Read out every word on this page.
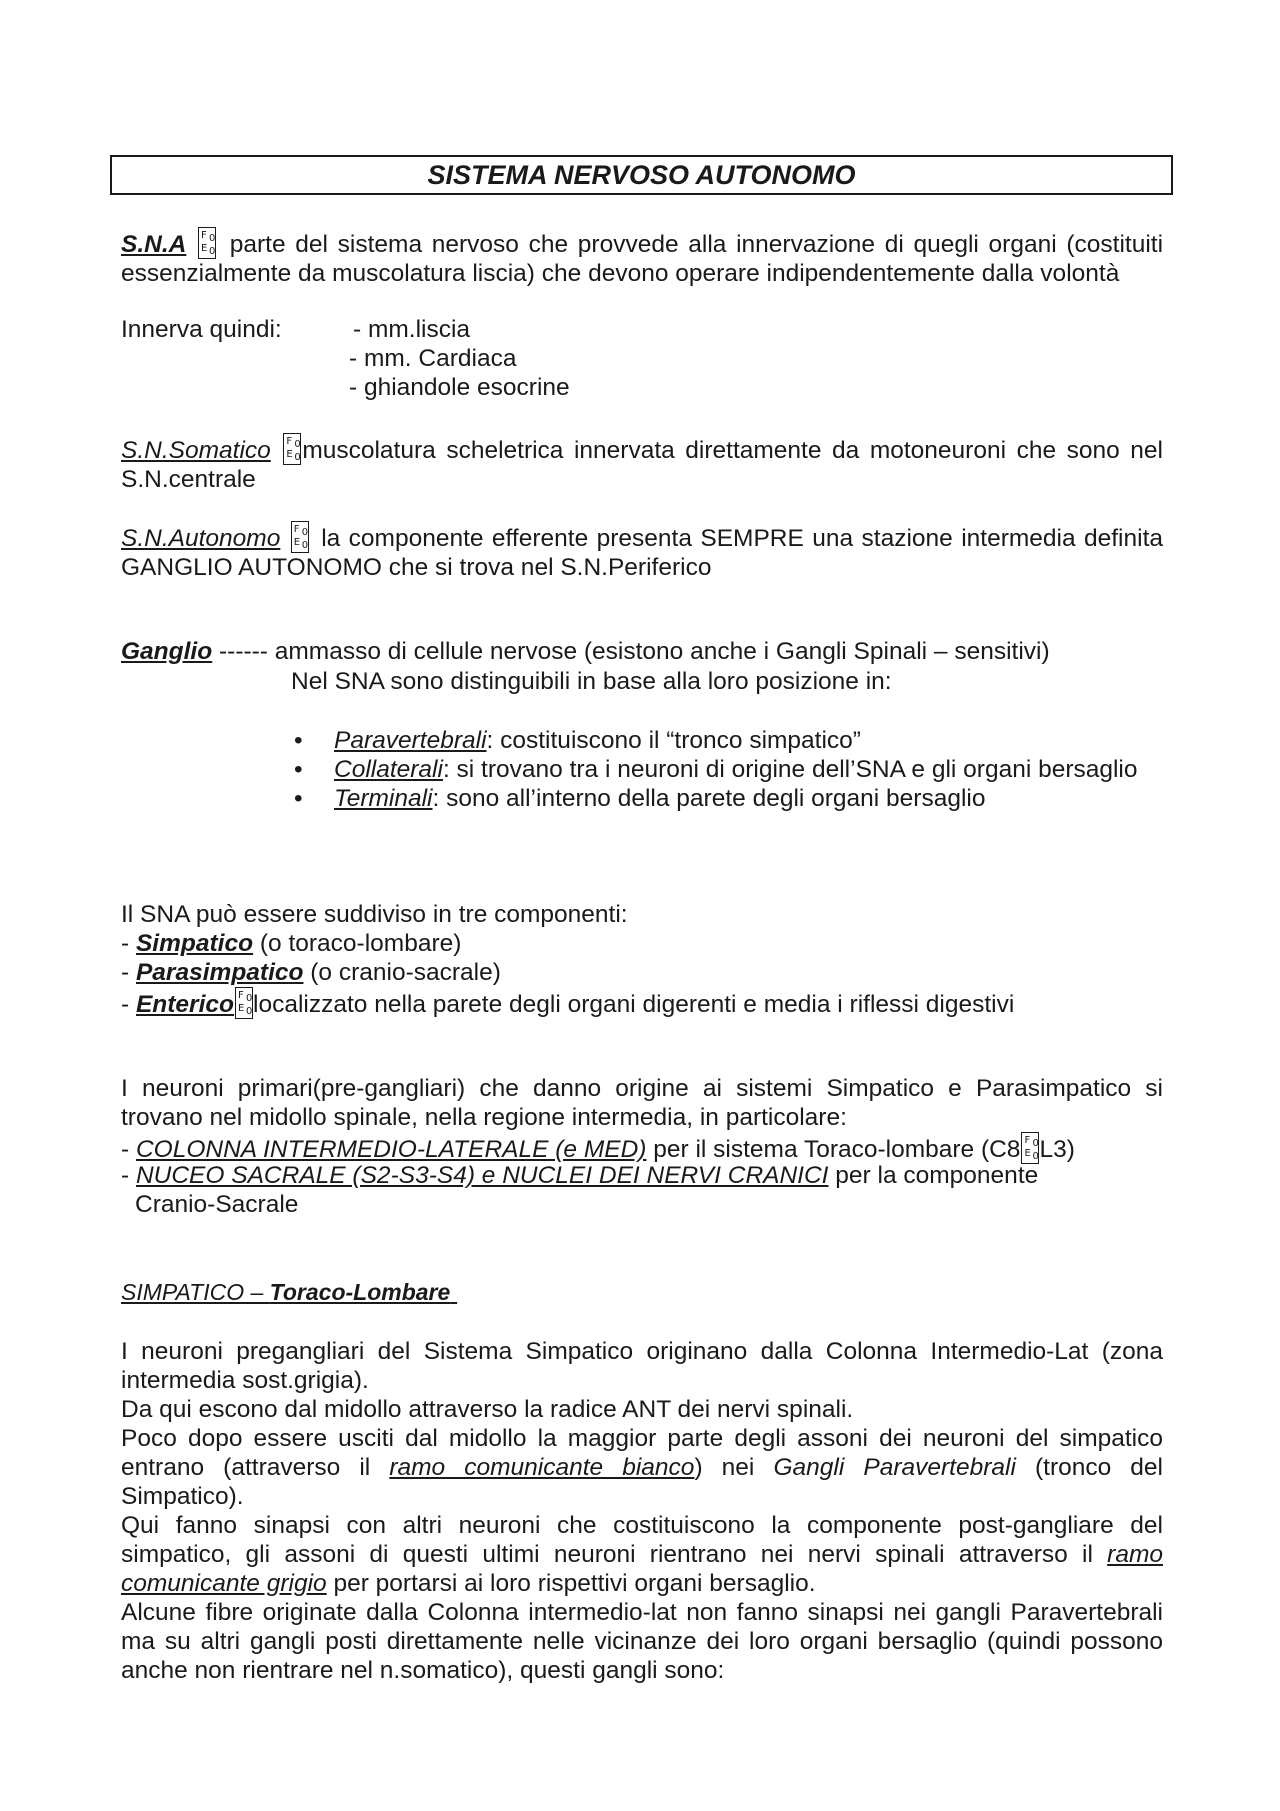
SISTEMA NERVOSO AUTONOMO
S.N.A F 0
E 0 parte del sistema nervoso che provvede alla innervazione di quegli organi (costituiti essenzialmente da muscolatura liscia) che devono operare indipendentemente dalla volontà
Innerva quindi:	- mm.liscia
- mm. Cardiaca
- ghiandole esocrine
S.N.Somatico F 0
E 0 muscolatura scheletrica innervata direttamente da motoneuroni che sono nel S.N.centrale
S.N.Autonomo F 0
E 0 la componente efferente presenta SEMPRE una stazione intermedia definita GANGLIO AUTONOMO che si trova nel S.N.Periferico
Ganglio ------ ammasso di cellule nervose (esistono anche i Gangli Spinali – sensitivi)
Nel SNA sono distinguibili in base alla loro posizione in:
• Paravertebrali: costituiscono il “tronco simpatico”
• Collaterali: si trovano tra i neuroni di origine dell’SNA e gli organi bersaglio
• Terminali: sono all’interno della parete degli organi bersaglio
Il SNA può essere suddiviso in tre componenti:
- Simpatico (o toraco-lombare)
- Parasimpatico (o cranio-sacrale)
- Enterico F 0
E 0 localizzato nella parete degli organi digerenti e media i riflessi digestivi
I neuroni primari(pre-gangliari) che danno origine ai sistemi Simpatico e Parasimpatico si trovano nel midollo spinale, nella regione intermedia, in particolare:
- COLONNA INTERMEDIO-LATERALE (e MED) per il sistema Toraco-lombare (C8 F 0
E 0 L3)
- NUCEO SACRALE (S2-S3-S4) e NUCLEI DEI NERVI CRANICI per la componente
Cranio-Sacrale
SIMPATICO – Toraco-Lombare
I neuroni pregangliari del Sistema Simpatico originano dalla Colonna Intermedio-Lat (zona intermedia sost.grigia).
Da qui escono dal midollo attraverso la radice ANT dei nervi spinali.
Poco dopo essere usciti dal midollo la maggior parte degli assoni dei neuroni del simpatico entrano (attraverso il ramo comunicante bianco) nei Gangli Paravertebrali (tronco del Simpatico).
Qui fanno sinapsi con altri neuroni che costituiscono la componente post-gangliare del simpatico, gli assoni di questi ultimi neuroni rientrano nei nervi spinali attraverso il ramo comunicante grigio per portarsi ai loro rispettivi organi bersaglio.
Alcune fibre originate dalla Colonna intermedio-lat non fanno sinapsi nei gangli Paravertebrali ma su altri gangli posti direttamente nelle vicinanze dei loro organi bersaglio (quindi possono anche non rientrare nel n.somatico), questi gangli sono:
